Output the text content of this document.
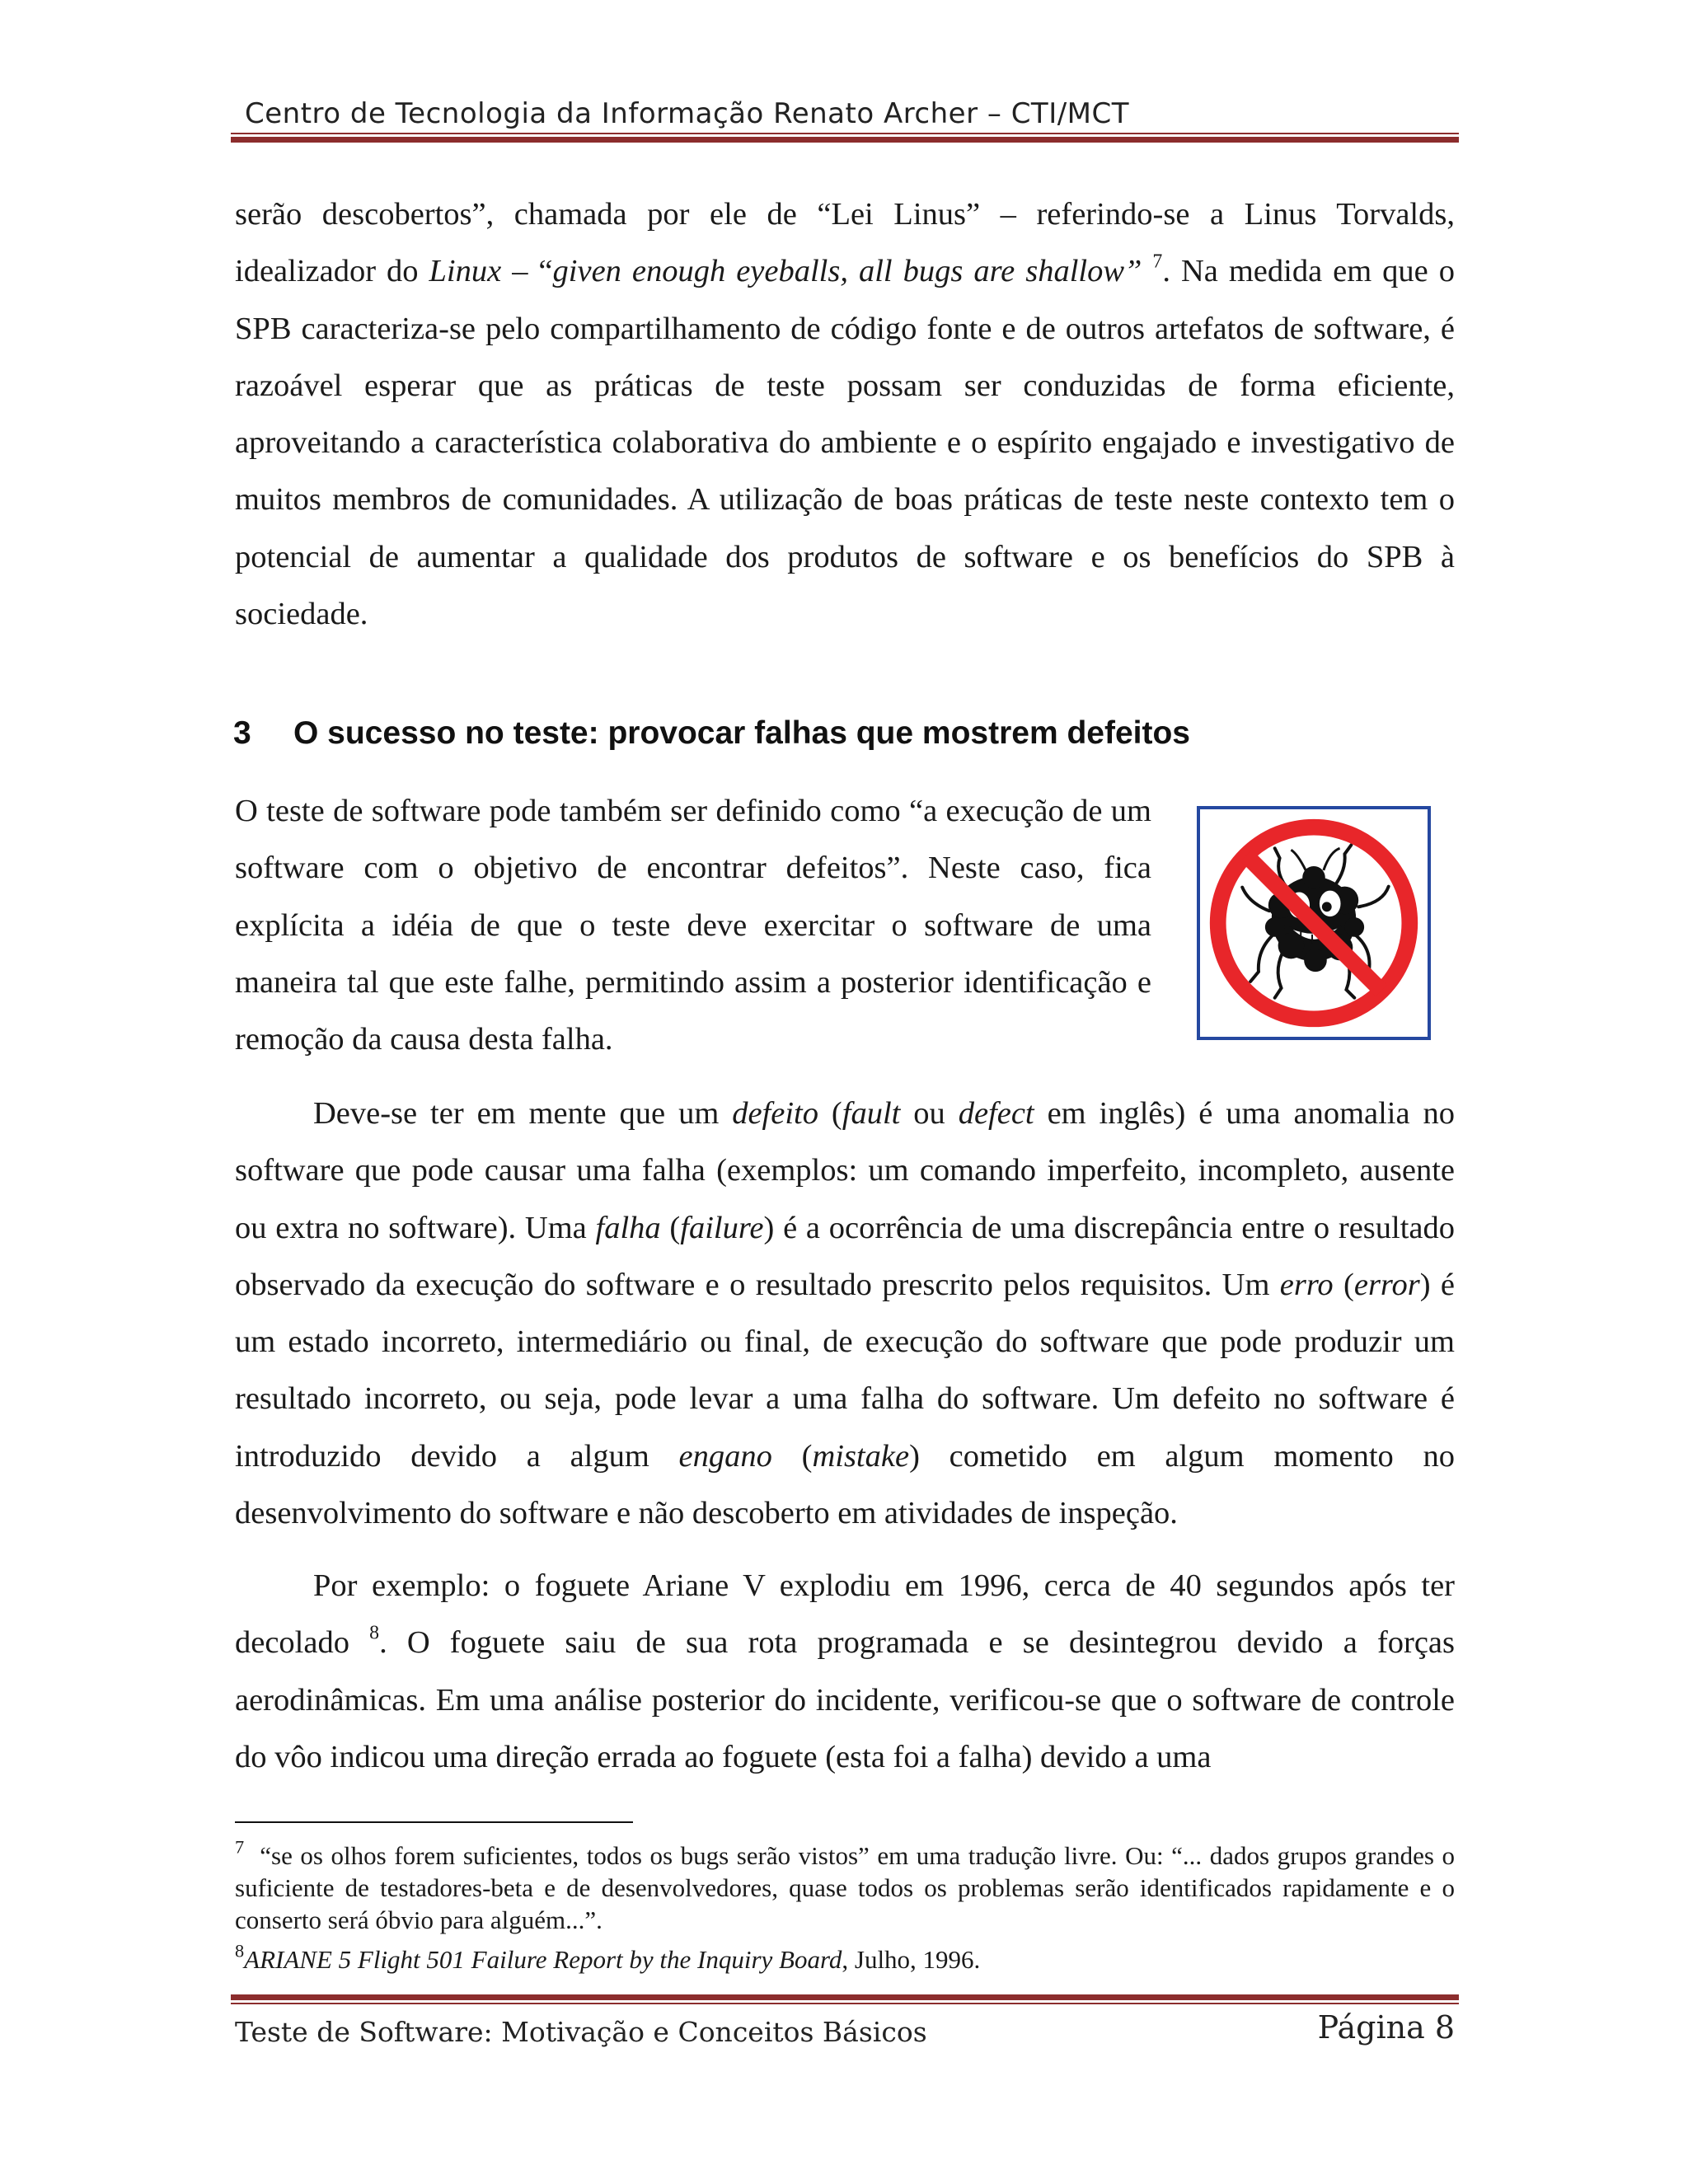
Centro de Tecnologia da Informação Renato Archer – CTI/MCT

serão descobertos”, chamada por ele de “Lei Linus” – referindo-se a Linus Torvalds, idealizador do Linux – “given enough eyeballs, all bugs are shallow” $^7$. Na medida em que o SPB caracteriza-se pelo compartilhamento de código fonte e de outros artefatos de software, é razoável esperar que as práticas de teste possam ser conduzidas de forma eficiente, aproveitando a característica colaborativa do ambiente e o espírito engajado e investigativo de muitos membros de comunidades. A utilização de boas práticas de teste neste contexto tem o potencial de aumentar a qualidade dos produtos de software e os benefícios do SPB à sociedade.

3 O sucesso no teste: provocar falhas que mostrem defeitos

O teste de software pode também ser definido como “a execução de um software com o objetivo de encontrar defeitos”. Neste caso, fica explícita a idéia de que o teste deve exercitar o software de uma maneira tal que este falhe, permitindo assim a posterior identificação e remoção da causa desta falha.

Deve-se ter em mente que um defeito (fault ou defect em inglês) é uma anomalia no software que pode causar uma falha (exemplos: um comando imperfeito, incompleto, ausente ou extra no software). Uma falha (failure) é a ocorrência de uma discrepância entre o resultado observado da execução do software e o resultado prescrito pelos requisitos. Um erro (error) é um estado incorreto, intermediário ou final, de execução do software que pode produzir um resultado incorreto, ou seja, pode levar a uma falha do software. Um defeito no software é introduzido devido a algum engano (mistake) cometido em algum momento no desenvolvimento do software e não descoberto em atividades de inspeção.

Por exemplo: o foguete Ariane V explodiu em 1996, cerca de 40 segundos após ter decolado $^8$. O foguete saiu de sua rota programada e se desintegrou devido a forças aerodinâmicas. Em uma análise posterior do incidente, verificou-se que o software de controle do vôo indicou uma direção errada ao foguete (esta foi a falha) devido a uma

$^7$ “se os olhos forem suficientes, todos os bugs serão vistos” em uma tradução livre. Ou: “... dados grupos grandes o suficiente de testadores-beta e de desenvolvedores, quase todos os problemas serão identificados rapidamente e o conserto será óbvio para alguém...”.

$^8$ARIANE 5 Flight 501 Failure Report by the Inquiry Board, Julho, 1996.

Teste de Software: Motivação e Conceitos Básicos	Página 8
